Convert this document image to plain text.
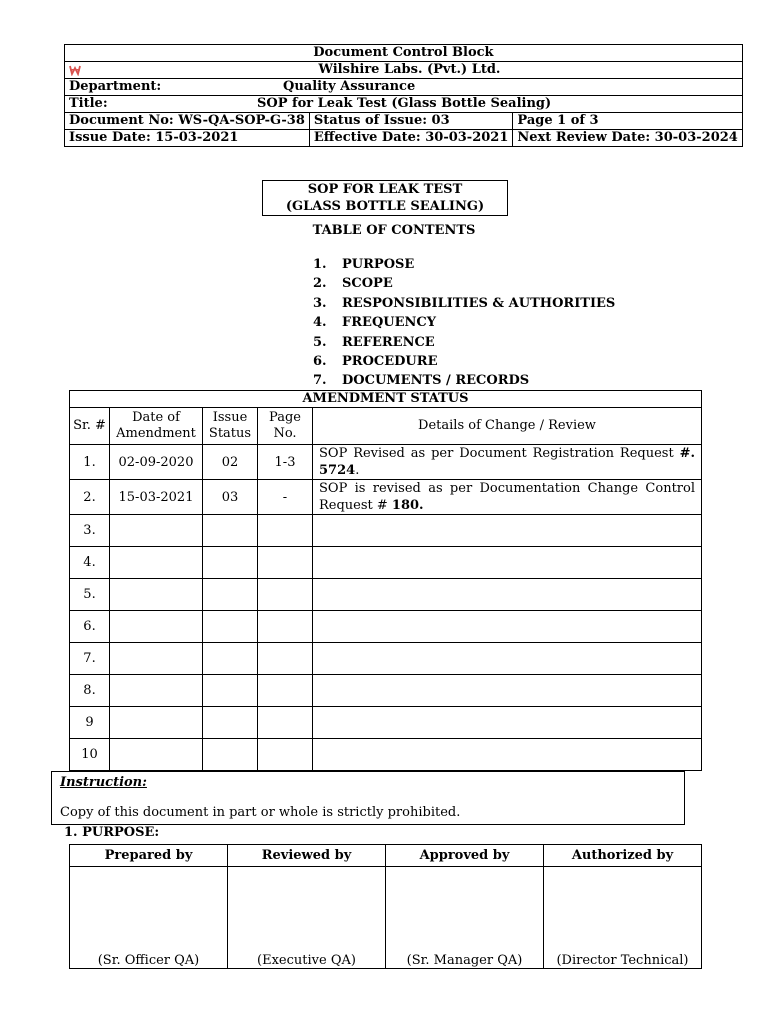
Document Control Block		

Wilshire Labs. (Pvt.) Ltd.		
Department: Quality Assurance		
Title: SOP for Leak Test (Glass Bottle Sealing)		
Document No: WS-QA-SOP-G-38	Status of Issue: 03	Page 1 of 3
Issue Date: 15-03-2021	Effective Date: 30-03-2021	Next Review Date: 30-03-2024
SOP FOR LEAK TEST
(GLASS BOTTLE SEALING)
TABLE OF CONTENTS
1. PURPOSE
2. SCOPE
3. RESPONSIBILITIES & AUTHORITIES
4. FREQUENCY
5. REFERENCE
6. PROCEDURE
7. DOCUMENTS / RECORDS
AMENDMENT STATUS				
Sr. #	Date of Amendment	Issue Status	Page No.	Details of Change / Review
1.	02-09-2020	02	1-3	SOP Revised as per Document Registration Request #. 5724.
2.	15-03-2021	03	-	SOP is revised as per Documentation Change Control Request # 180.
3.				
4.				
5.				
6.				
7.				
8.				
9				
10				
Instruction:
Copy of this document in part or whole is strictly prohibited.
1. PURPOSE:
Prepared by	Reviewed by	Approved by	Authorized by
(Sr. Officer QA)	(Executive QA)	(Sr. Manager QA)	(Director Technical)
